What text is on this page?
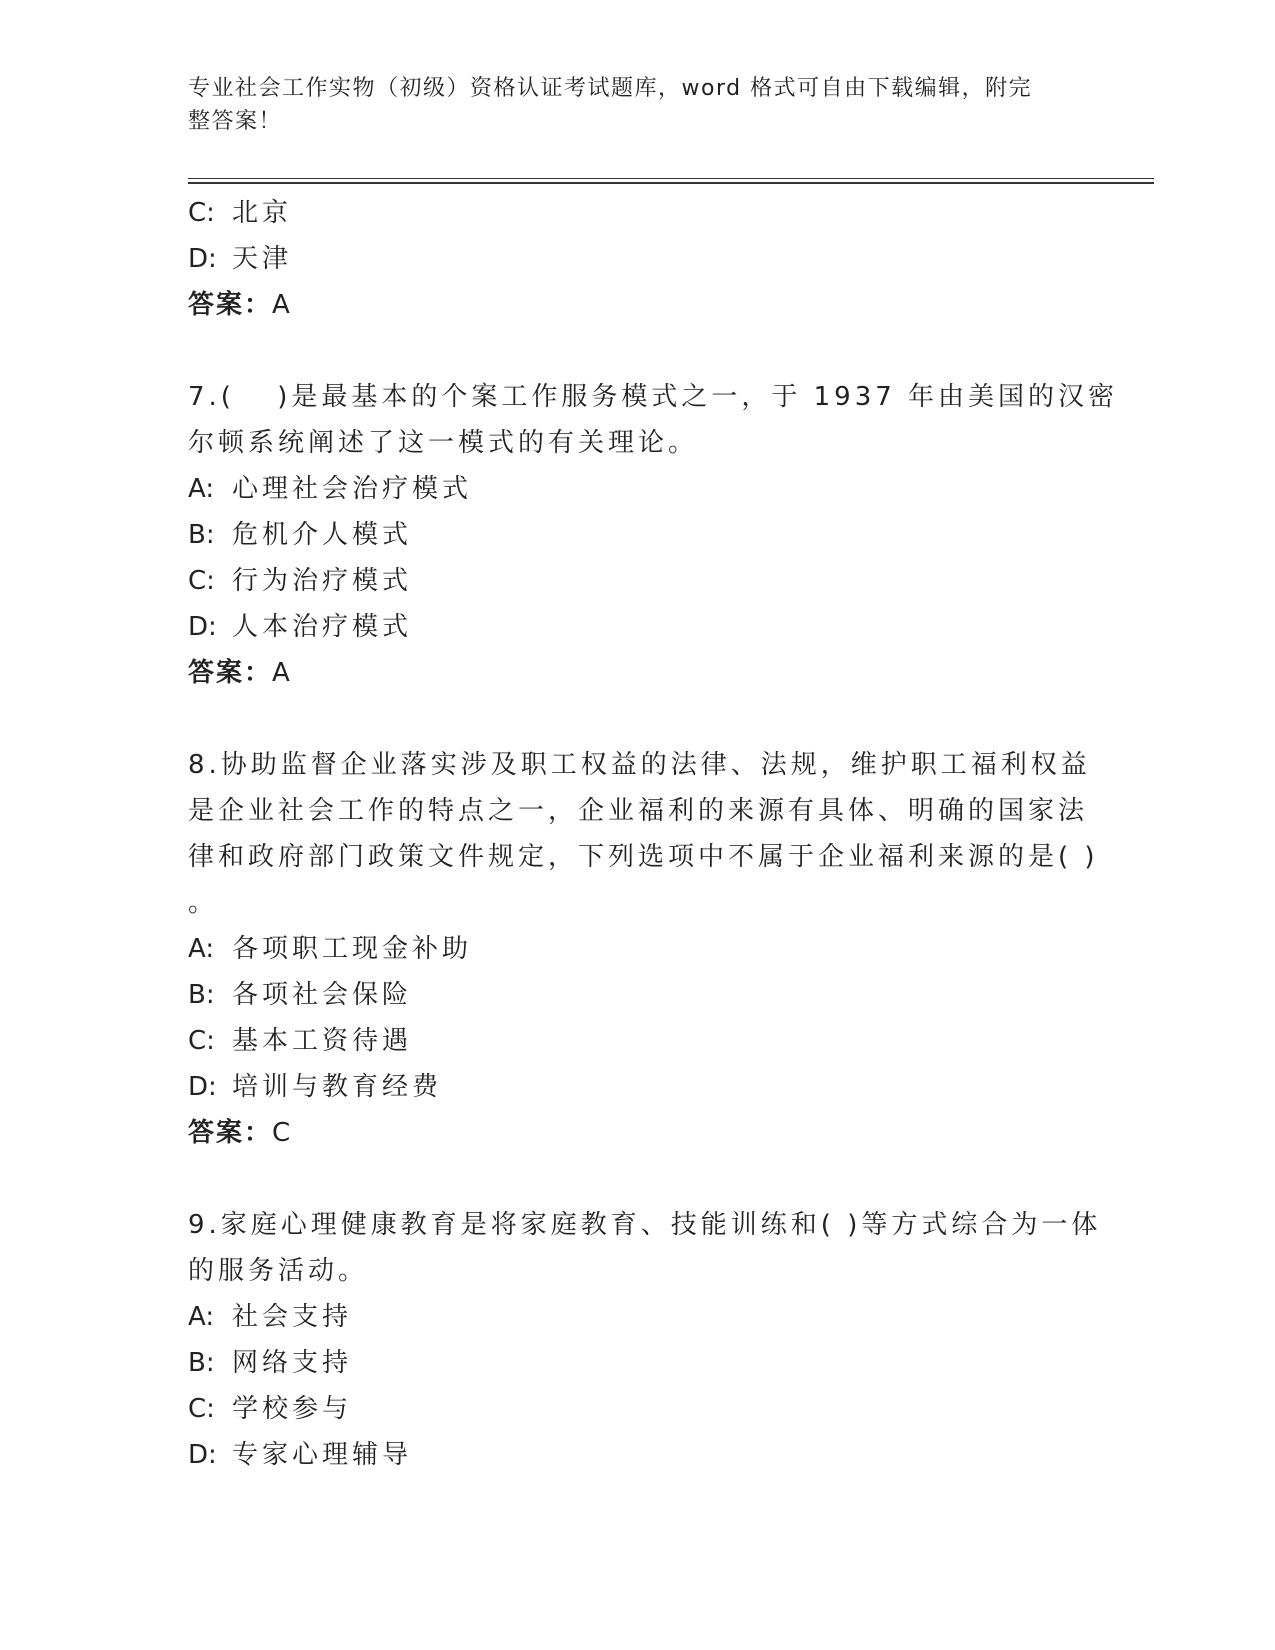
专业社会工作实物（初级）资格认证考试题库，word 格式可自由下载编辑，附完
整答案！
C: 北京
D: 天津
答案：A
7.(　 )是最基本的个案工作服务模式之一，于 1937 年由美国的汉密
尔顿系统阐述了这一模式的有关理论。
A: 心理社会治疗模式
B: 危机介人模式
C: 行为治疗模式
D: 人本治疗模式
答案：A
8.协助监督企业落实涉及职工权益的法律、法规，维护职工福利权益
是企业社会工作的特点之一，企业福利的来源有具体、明确的国家法
律和政府部门政策文件规定，下列选项中不属于企业福利来源的是( )
。
A: 各项职工现金补助
B: 各项社会保险
C: 基本工资待遇
D: 培训与教育经费
答案：C
9.家庭心理健康教育是将家庭教育、技能训练和( )等方式综合为一体
的服务活动。
A: 社会支持
B: 网络支持
C: 学校参与
D: 专家心理辅导
